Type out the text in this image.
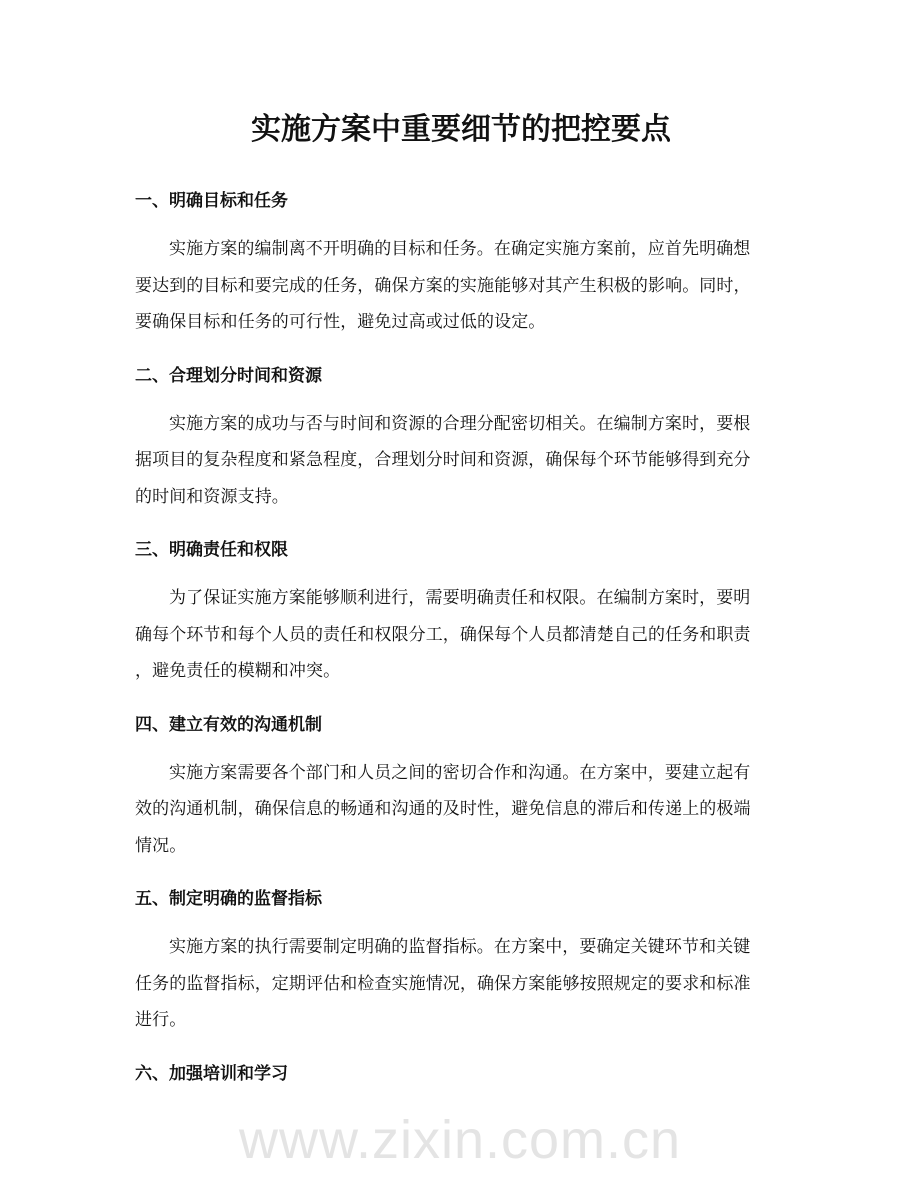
实施方案中重要细节的把控要点
一、明确目标和任务
实施方案的编制离不开明确的目标和任务。在确定实施方案前，应首先明确想
要达到的目标和要完成的任务，确保方案的实施能够对其产生积极的影响。同时，
要确保目标和任务的可行性，避免过高或过低的设定。
二、合理划分时间和资源
实施方案的成功与否与时间和资源的合理分配密切相关。在编制方案时，要根
据项目的复杂程度和紧急程度，合理划分时间和资源，确保每个环节能够得到充分
的时间和资源支持。
三、明确责任和权限
为了保证实施方案能够顺利进行，需要明确责任和权限。在编制方案时，要明
确每个环节和每个人员的责任和权限分工，确保每个人员都清楚自己的任务和职责
，避免责任的模糊和冲突。
四、建立有效的沟通机制
实施方案需要各个部门和人员之间的密切合作和沟通。在方案中，要建立起有
效的沟通机制，确保信息的畅通和沟通的及时性，避免信息的滞后和传递上的极端
情况。
五、制定明确的监督指标
实施方案的执行需要制定明确的监督指标。在方案中，要确定关键环节和关键
任务的监督指标，定期评估和检查实施情况，确保方案能够按照规定的要求和标准
进行。
六、加强培训和学习
www.zixin.com.cn
